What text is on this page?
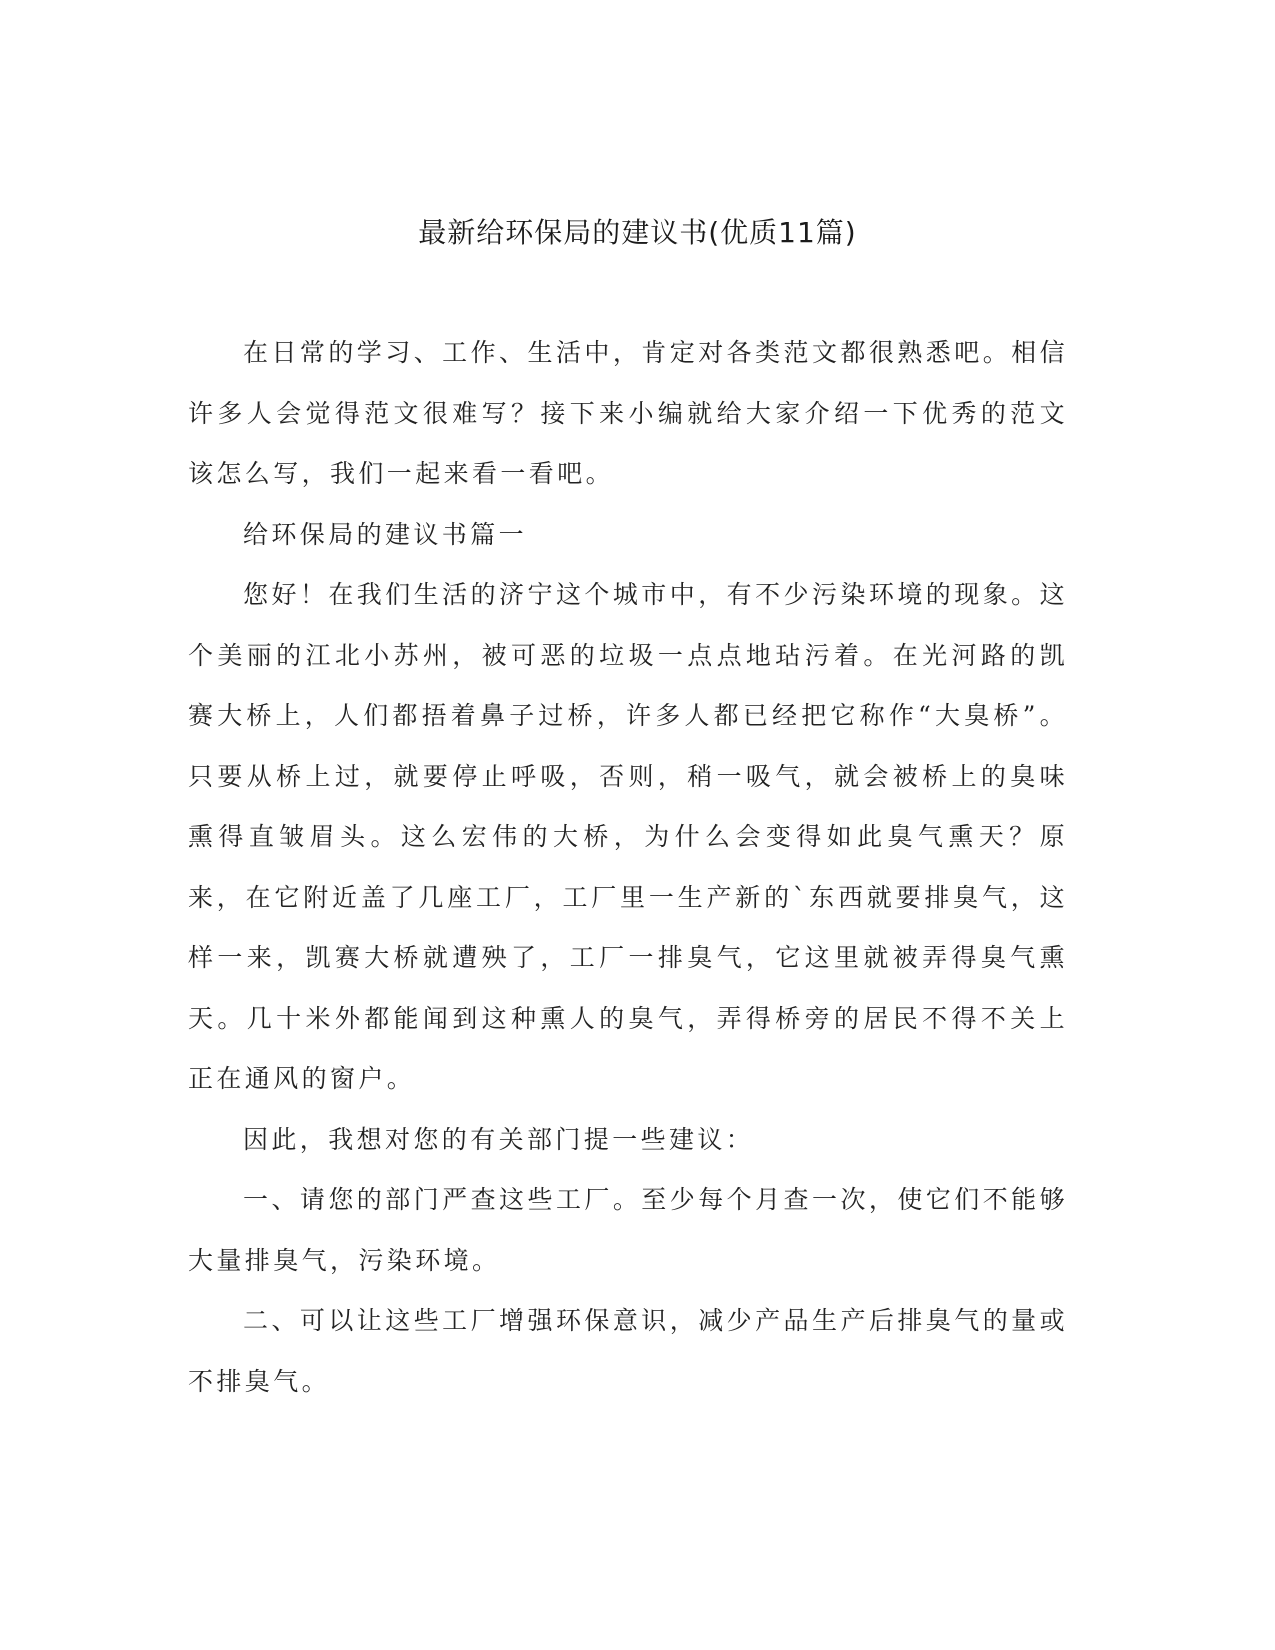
最新给环保局的建议书(优质11篇)

在日常的学习、工作、生活中，肯定对各类范文都很熟悉吧。相信许多人会觉得范文很难写？接下来小编就给大家介绍一下优秀的范文该怎么写，我们一起来看一看吧。

给环保局的建议书篇一

您好！在我们生活的济宁这个城市中，有不少污染环境的现象。这个美丽的江北小苏州，被可恶的垃圾一点点地玷污着。在光河路的凯赛大桥上，人们都捂着鼻子过桥，许多人都已经把它称作“大臭桥”。只要从桥上过，就要停止呼吸，否则，稍一吸气，就会被桥上的臭味熏得直皱眉头。这么宏伟的大桥，为什么会变得如此臭气熏天？原来，在它附近盖了几座工厂，工厂里一生产新的`东西就要排臭气，这样一来，凯赛大桥就遭殃了，工厂一排臭气，它这里就被弄得臭气熏天。几十米外都能闻到这种熏人的臭气，弄得桥旁的居民不得不关上正在通风的窗户。

因此，我想对您的有关部门提一些建议：

一、请您的部门严查这些工厂。至少每个月查一次，使它们不能够大量排臭气，污染环境。

二、可以让这些工厂增强环保意识，减少产品生产后排臭气的量或不排臭气。
